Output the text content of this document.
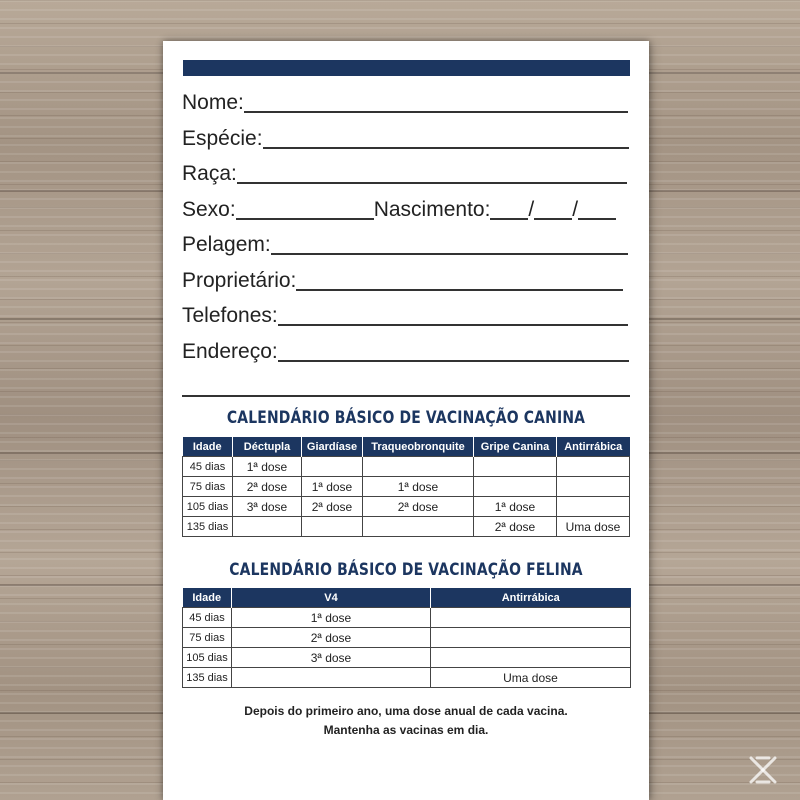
Nome:
Espécie:
Raça:
Sexo:	Nascimento: / /
Pelagem:
Proprietário:
Telefones:
Endereço:
CALENDÁRIO BÁSICO DE VACINAÇÃO CANINA
Idade	Déctupla	Giardíase	Traqueobronquite	Gripe Canina	Antirrábica
45 dias	1ª dose				
75 dias	2ª dose	1ª dose	1ª dose		
105 dias	3ª dose	2ª dose	2ª dose	1ª dose	
135 dias				2ª dose	Uma dose
CALENDÁRIO BÁSICO DE VACINAÇÃO FELINA
Idade	V4	Antirrábica
45 dias	1ª dose	
75 dias	2ª dose	
105 dias	3ª dose	
135 dias		Uma dose
Depois do primeiro ano, uma dose anual de cada vacina.
Mantenha as vacinas em dia.
